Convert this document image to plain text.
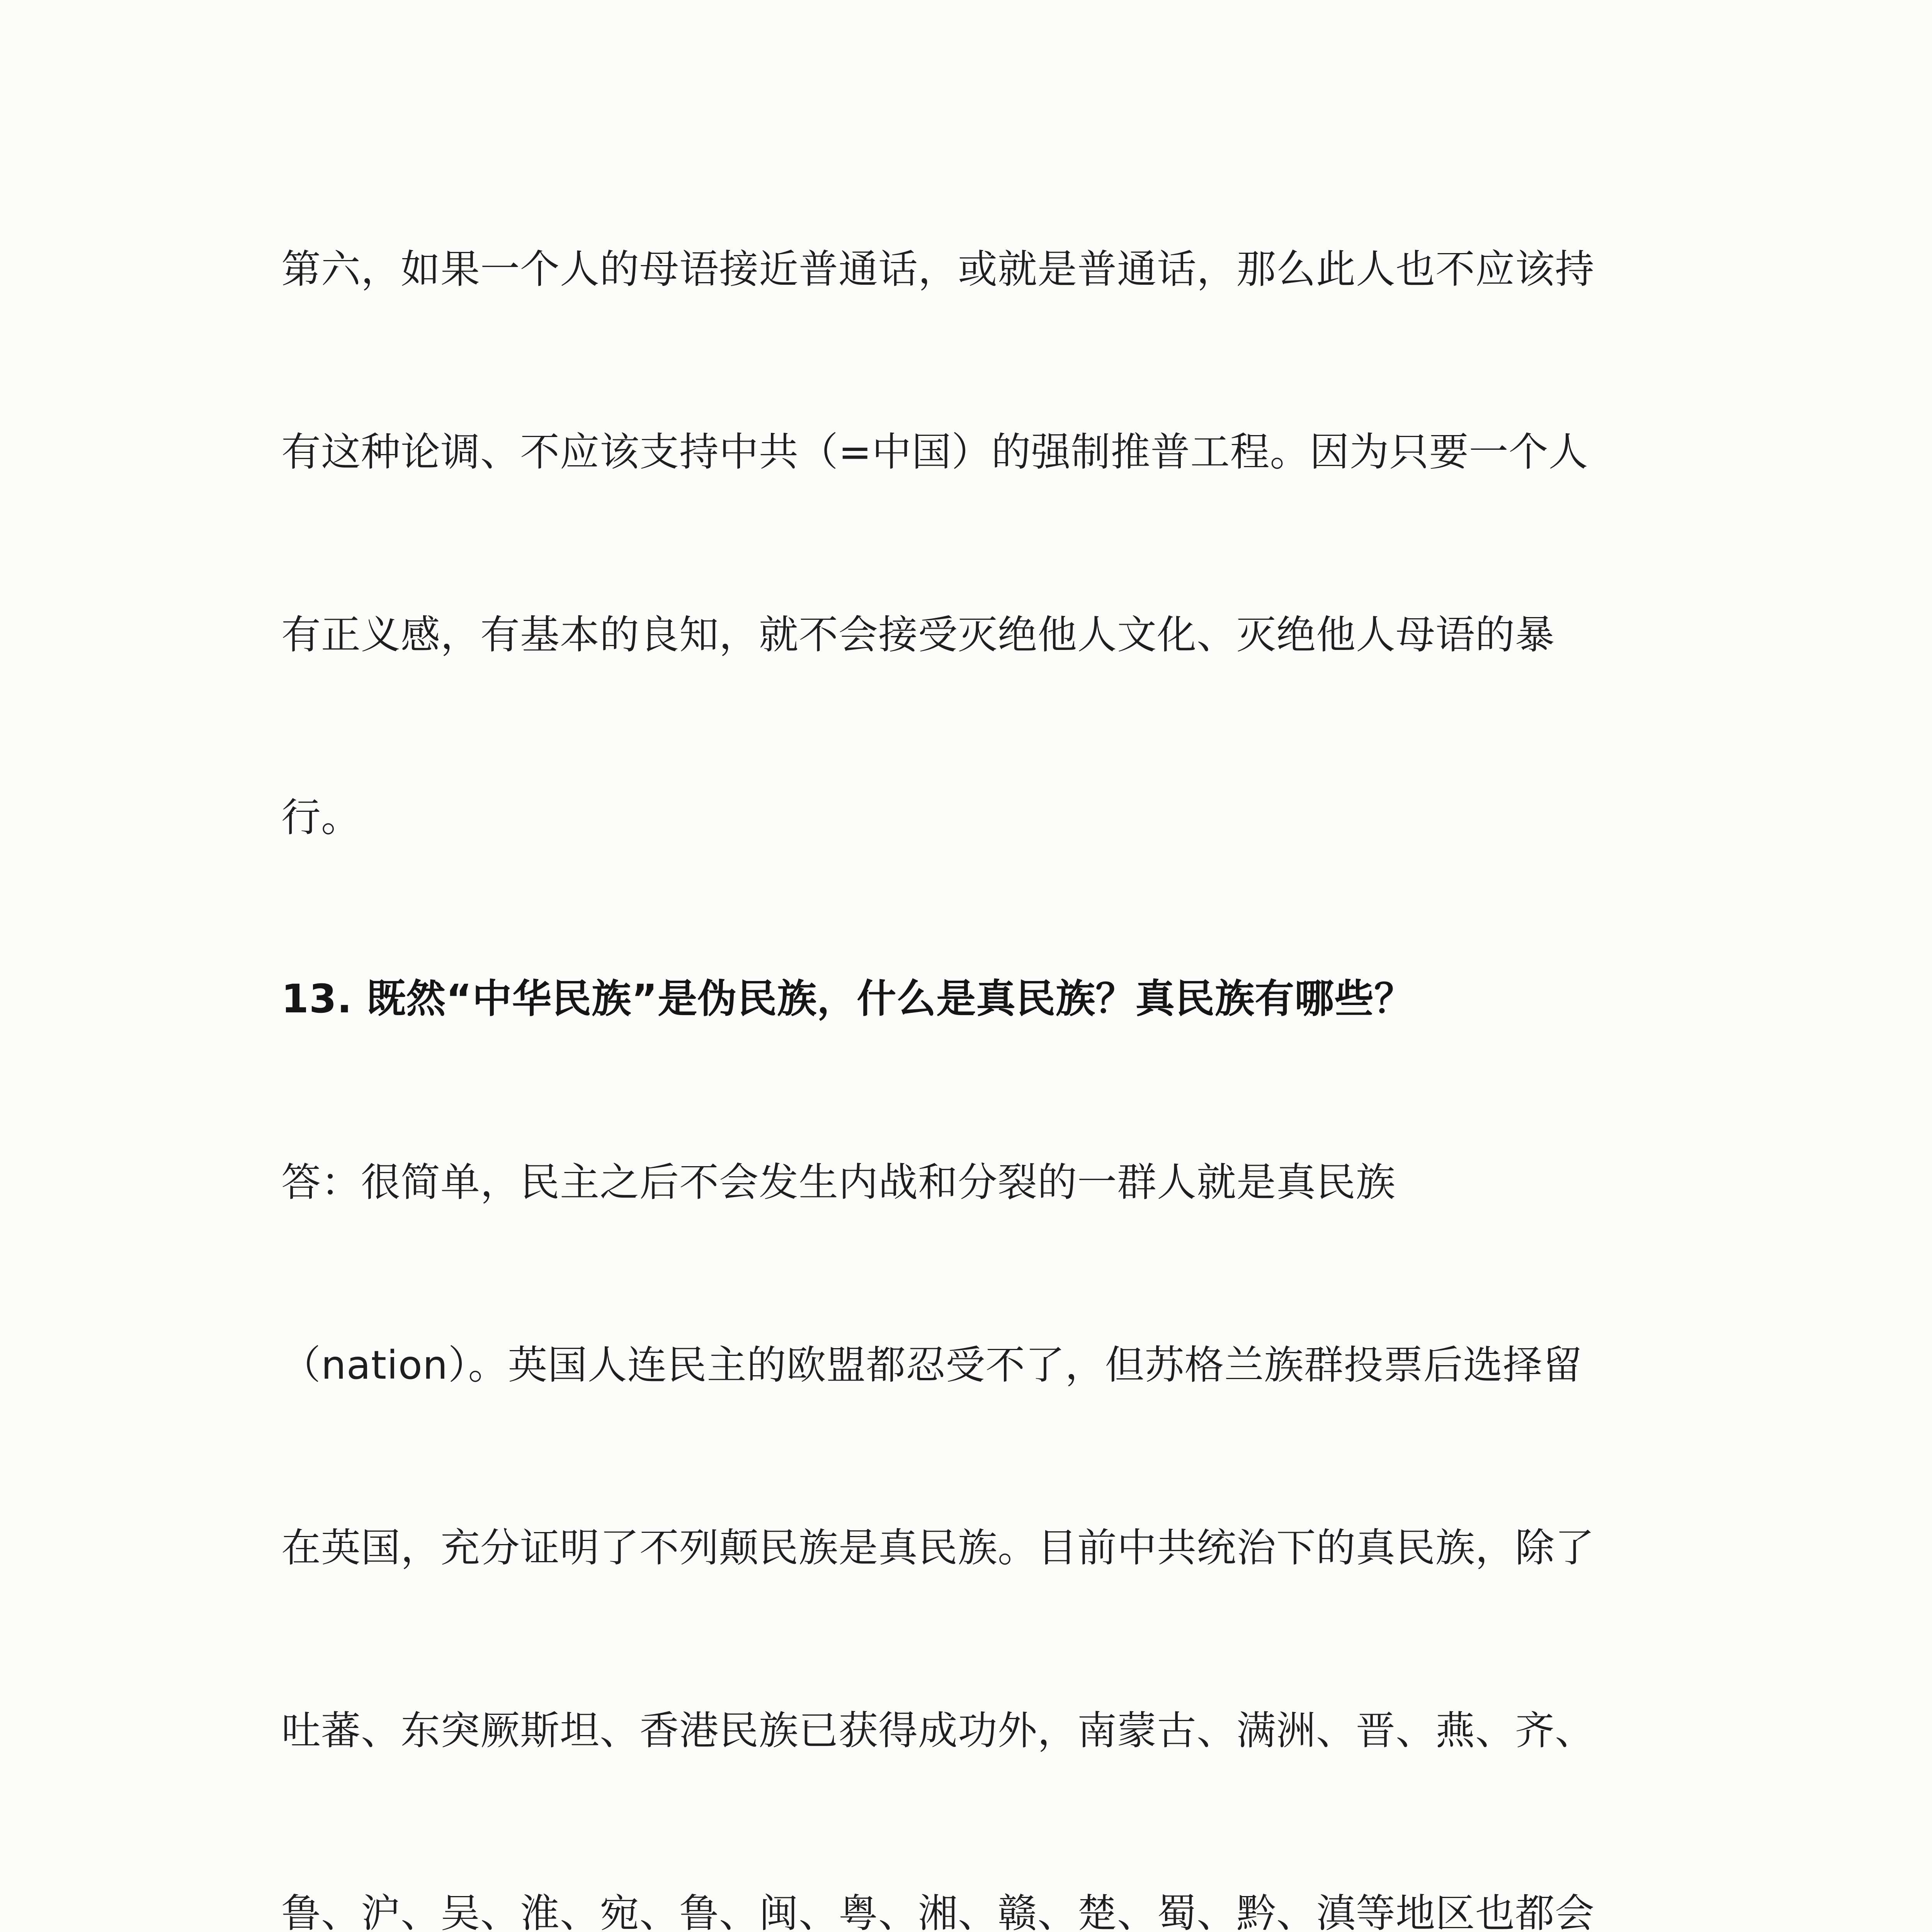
第六，如果一个人的母语接近普通话，或就是普通话，那么此人也不应该持

有这种论调、不应该支持中共（=中国）的强制推普工程。因为只要一个人

有正义感，有基本的良知，就不会接受灭绝他人文化、灭绝他人母语的暴

行。

13. 既然“中华民族”是伪民族，什么是真民族？真民族有哪些？

答：很简单，民主之后不会发生内战和分裂的一群人就是真民族

（nation）。英国人连民主的欧盟都忍受不了，但苏格兰族群投票后选择留

在英国，充分证明了不列颠民族是真民族。目前中共统治下的真民族，除了

吐蕃、东突厥斯坦、香港民族已获得成功外，南蒙古、满洲、晋、燕、齐、

鲁、沪、吴、淮、宛、鲁、闽、粤、湘、赣、楚、蜀、黔、滇等地区也都会
